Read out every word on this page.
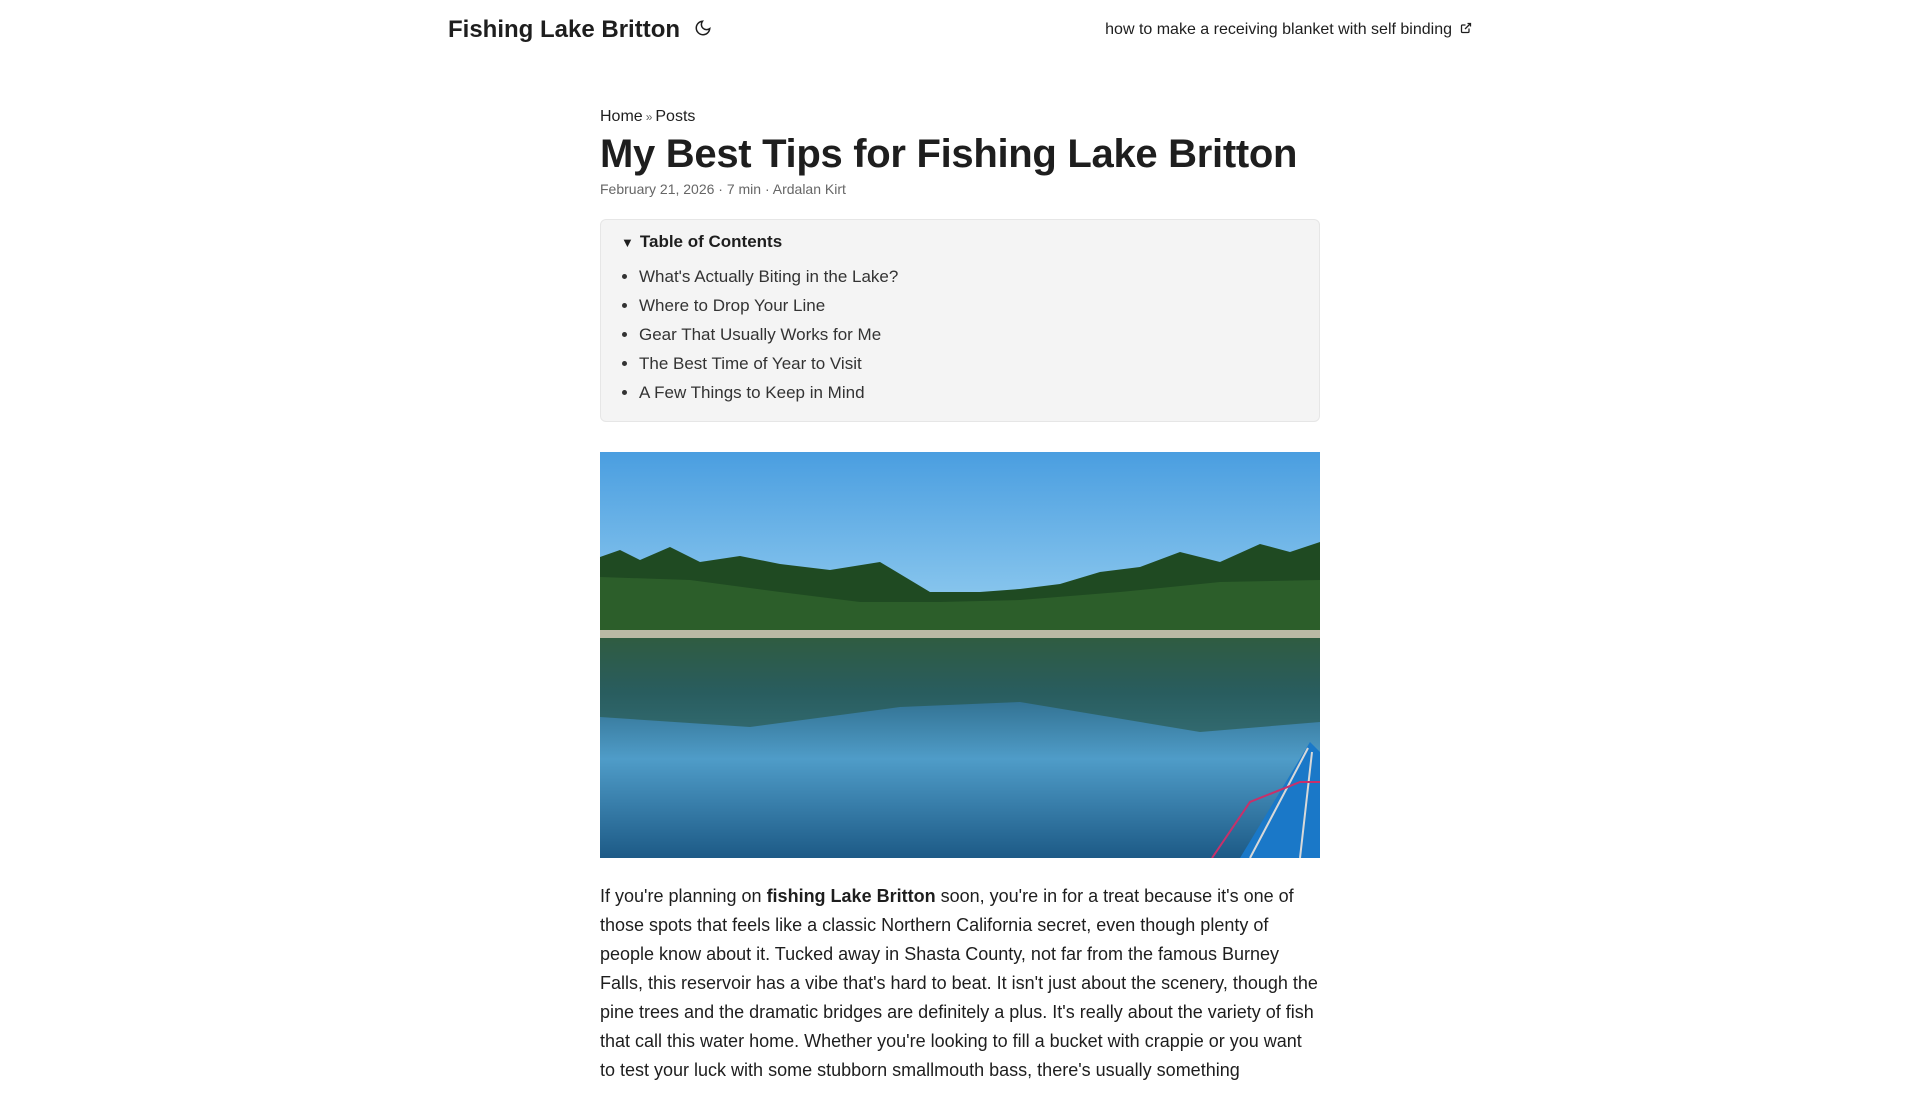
Fishing Lake Britton	how to make a receiving blanket with self binding
Home » Posts
My Best Tips for Fishing Lake Britton
February 21, 2026 · 7 min · Ardalan Kirt
▼ Table of Contents
• What's Actually Biting in the Lake?
• Where to Drop Your Line
• Gear That Usually Works for Me
• The Best Time of Year to Visit
• A Few Things to Keep in Mind

If you're planning on fishing Lake Britton soon, you're in for a treat because it's one of those spots that feels like a classic Northern California secret, even though plenty of people know about it. Tucked away in Shasta County, not far from the famous Burney Falls, this reservoir has a vibe that's hard to beat. It isn't just about the scenery, though the pine trees and the dramatic bridges are definitely a plus. It's really about the variety of fish that call this water home. Whether you're looking to fill a bucket with crappie or you want to test your luck with some stubborn smallmouth bass, there's usually something
